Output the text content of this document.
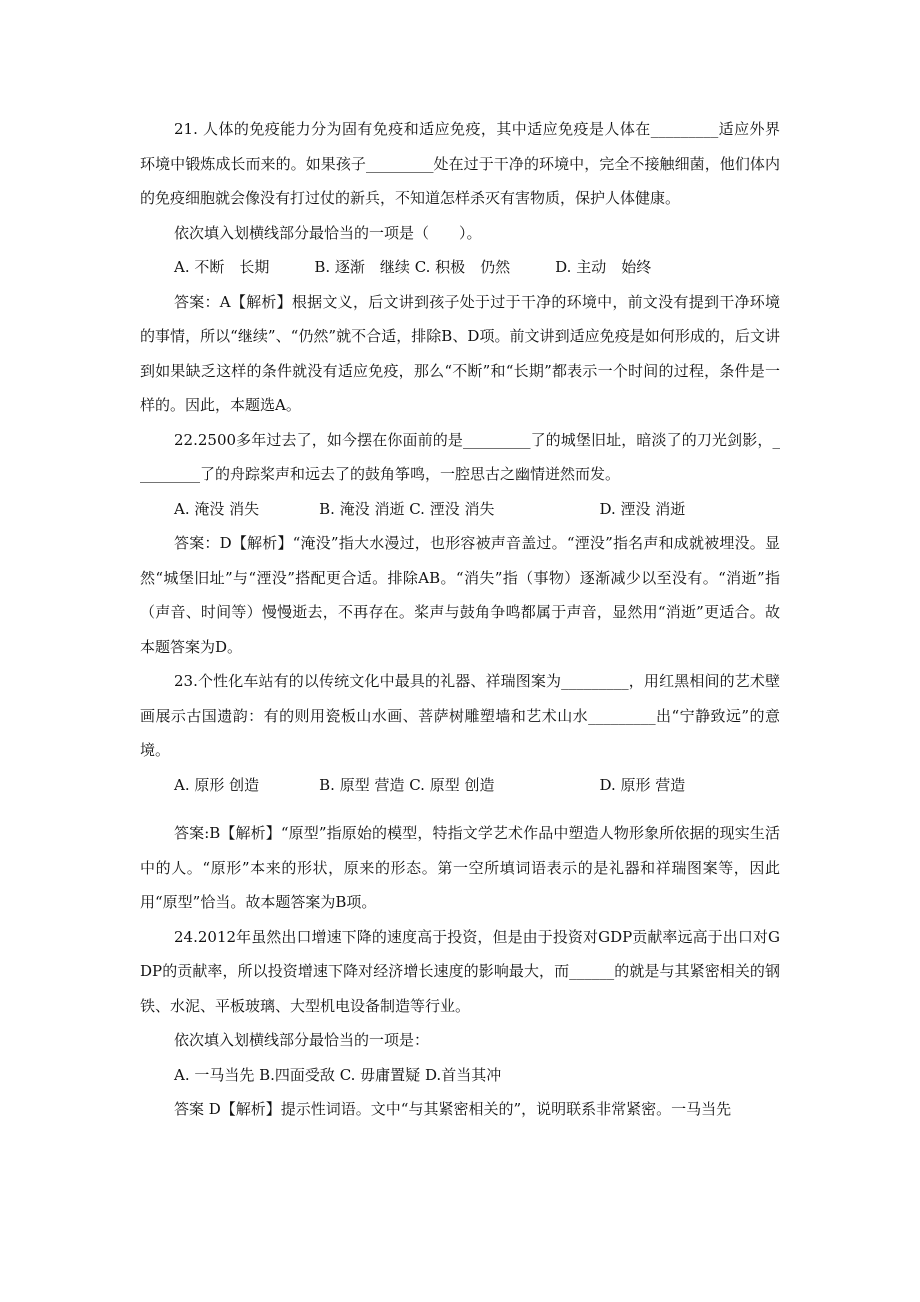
21. 人体的免疫能力分为固有免疫和适应免疫，其中适应免疫是人体在_________适应外界环境中锻炼成长而来的。如果孩子_________处在过于干净的环境中，完全不接触细菌，他们体内的免疫细胞就会像没有打过仗的新兵，不知道怎样杀灭有害物质，保护人体健康。

依次填入划横线部分最恰当的一项是（　　）。

A. 不断　长期　　　B. 逐渐　继续 C. 积极　仍然　　　D. 主动　始终

答案：A【解析】根据文义，后文讲到孩子处于过于干净的环境中，前文没有提到干净环境的事情，所以“继续”、“仍然”就不合适，排除B、D项。前文讲到适应免疫是如何形成的，后文讲到如果缺乏这样的条件就没有适应免疫，那么“不断”和“长期”都表示一个时间的过程，条件是一样的。因此，本题选A。

22.2500多年过去了，如今摆在你面前的是_________了的城堡旧址，暗淡了的刀光剑影，_________了的舟踪桨声和远去了的鼓角筝鸣，一腔思古之幽情迸然而发。

A. 淹没 消失　　　　B. 淹没 消逝 C. 湮没 消失　　　　　　　D. 湮没 消逝

答案：D【解析】“淹没”指大水漫过，也形容被声音盖过。“湮没”指名声和成就被埋没。显然“城堡旧址”与“湮没”搭配更合适。排除AB。“消失”指（事物）逐渐减少以至没有。“消逝”指（声音、时间等）慢慢逝去，不再存在。桨声与鼓角争鸣都属于声音，显然用“消逝”更适合。故本题答案为D。

23.个性化车站有的以传统文化中最具的礼器、祥瑞图案为_________，用红黑相间的艺术壁画展示古国遗韵：有的则用瓷板山水画、菩萨树雕塑墙和艺术山水_________出“宁静致远”的意境。

A. 原形 创造　　　　B. 原型 营造 C. 原型 创造　　　　　　　D. 原形 营造

答案:B【解析】“原型”指原始的模型，特指文学艺术作品中塑造人物形象所依据的现实生活中的人。“原形”本来的形状，原来的形态。第一空所填词语表示的是礼器和祥瑞图案等，因此用“原型”恰当。故本题答案为B项。

24.2012年虽然出口增速下降的速度高于投资，但是由于投资对GDP贡献率远高于出口对GDP的贡献率，所以投资增速下降对经济增长速度的影响最大，而______的就是与其紧密相关的钢铁、水泥、平板玻璃、大型机电设备制造等行业。

依次填入划横线部分最恰当的一项是：

A. 一马当先 B.四面受敌 C. 毋庸置疑 D.首当其冲

答案 D【解析】提示性词语。文中“与其紧密相关的”，说明联系非常紧密。一马当先
